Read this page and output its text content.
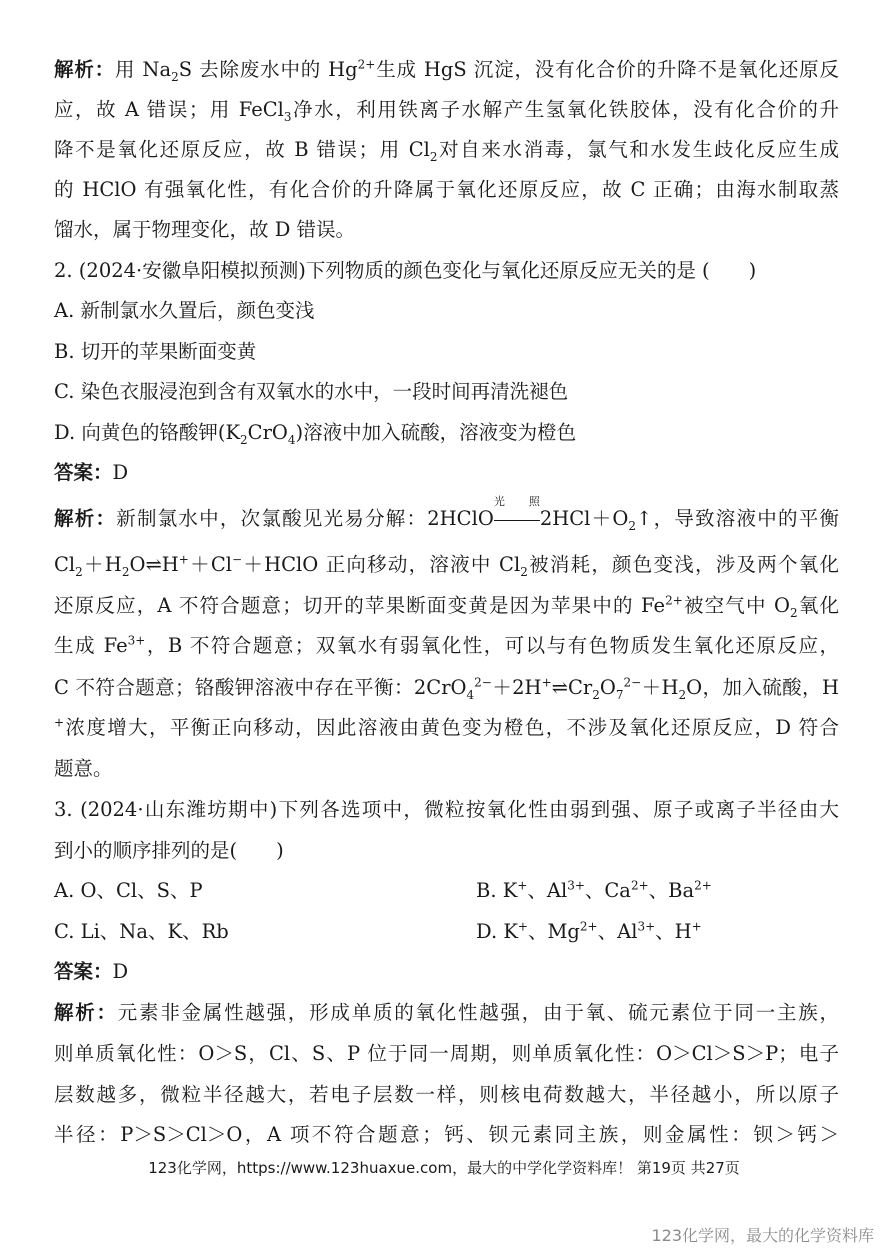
解析：用 $Na_2S$ 去除废水中的 $Hg^{2+}$生成 HgS 沉淀，没有化合价的升降不是氧化还原反
应，故 A 错误；用 FeCl$_3$净水，利用铁离子水解产生氢氧化铁胶体，没有化合价的升
降不是氧化还原反应，故 B 错误；用 $Cl_2$对自来水消毒，氯气和水发生歧化反应生成
的 HClO 有强氧化性，有化合价的升降属于氧化还原反应，故 C 正确；由海水制取蒸
馏水，属于物理变化，故 D 错误。
2. (2024·安徽阜阳模拟预测)下列物质的颜色变化与氧化还原反应无关的是 (　　)
A. 新制氯水久置后，颜色变浅
B. 切开的苹果断面变黄
C. 染色衣服浸泡到含有双氧水的水中，一段时间再清洗褪色
D. 向黄色的铬酸钾$(K_2CrO_4)$溶液中加入硫酸，溶液变为橙色
答案：D
解析：新制氯水中，次氯酸见光易分解：2HClO
光照
$2HCl+O_2↑$，导致溶液中的平衡
$Cl_2+H_2O\rightleftharpoons H^++Cl^-+HClO$ 正向移动，溶液中 $Cl_2$被消耗，颜色变浅，涉及两个氧化
还原反应，A 不符合题意；切开的苹果断面变黄是因为苹果中的 $Fe^{2+}$被空气中 $O_2$氧化
生成 $Fe^{3+}$，B 不符合题意；双氧水有弱氧化性，可以与有色物质发生氧化还原反应，
C 不符合题意；铬酸钾溶液中存在平衡：$2CrO_4^{2-}+2H^+\rightleftharpoons Cr_2O_7^{2-}+H_2O$，加入硫酸，H
+浓度增大，平衡正向移动，因此溶液由黄色变为橙色，不涉及氧化还原反应，D 符合
题意。
3. (2024·山东潍坊期中)下列各选项中，微粒按氧化性由弱到强、原子或离子半径由大
到小的顺序排列的是(　　)
A. O、Cl、S、P	B. K+、$Al^{3+}$、$Ca^{2+}$、$Ba^{2+}$
C. Li、Na、K、Rb	D. K+、$Mg^{2+}$、$Al^{3+}$、H+
答案：D
解析：元素非金属性越强，形成单质的氧化性越强，由于氧、硫元素位于同一主族，
则单质氧化性：O＞S，Cl、S、P 位于同一周期，则单质氧化性：O＞Cl＞S＞P；电子
层数越多，微粒半径越大，若电子层数一样，则核电荷数越大，半径越小，所以原子
半径：P＞S＞Cl＞O，A 项不符合题意；钙、钡元素同主族，则金属性：钡＞钙＞
123化学网，https://www.123huaxue.com，最大的中学化学资料库！ 第19页 共27页
123化学网，最大的化学资料库
